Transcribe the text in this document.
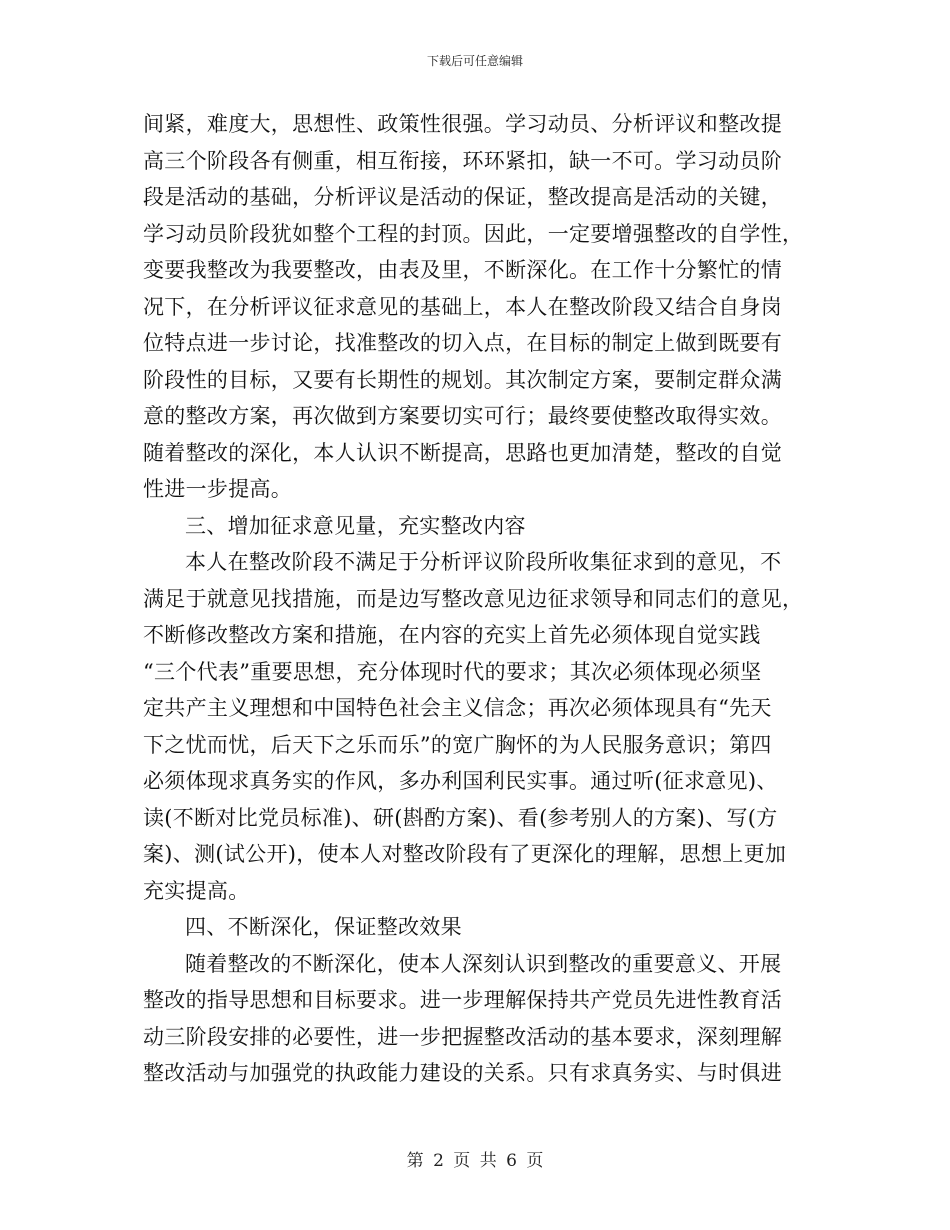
下载后可任意编辑
间紧，难度大，思想性、政策性很强。学习动员、分析评议和整改提
高三个阶段各有侧重，相互衔接，环环紧扣，缺一不可。学习动员阶
段是活动的基础，分析评议是活动的保证，整改提高是活动的关键，
学习动员阶段犹如整个工程的封顶。因此，一定要增强整改的自学性，
变要我整改为我要整改，由表及里，不断深化。在工作十分繁忙的情
况下，在分析评议征求意见的基础上，本人在整改阶段又结合自身岗
位特点进一步讨论，找准整改的切入点，在目标的制定上做到既要有
阶段性的目标，又要有长期性的规划。其次制定方案，要制定群众满
意的整改方案，再次做到方案要切实可行；最终要使整改取得实效。
随着整改的深化，本人认识不断提高，思路也更加清楚，整改的自觉
性进一步提高。
三、增加征求意见量，充实整改内容
本人在整改阶段不满足于分析评议阶段所收集征求到的意见，不
满足于就意见找措施，而是边写整改意见边征求领导和同志们的意见，
不断修改整改方案和措施，在内容的充实上首先必须体现自觉实践
“三个代表”重要思想，充分体现时代的要求；其次必须体现必须坚
定共产主义理想和中国特色社会主义信念；再次必须体现具有“先天
下之忧而忧，后天下之乐而乐”的宽广胸怀的为人民服务意识；第四
必须体现求真务实的作风，多办利国利民实事。通过听(征求意见)、
读(不断对比党员标准)、研(斟酌方案)、看(参考别人的方案)、写(方
案)、测(试公开)，使本人对整改阶段有了更深化的理解，思想上更加
充实提高。
四、不断深化，保证整改效果
随着整改的不断深化，使本人深刻认识到整改的重要意义、开展
整改的指导思想和目标要求。进一步理解保持共产党员先进性教育活
动三阶段安排的必要性，进一步把握整改活动的基本要求，深刻理解
整改活动与加强党的执政能力建设的关系。只有求真务实、与时俱进
第 2 页 共 6 页
